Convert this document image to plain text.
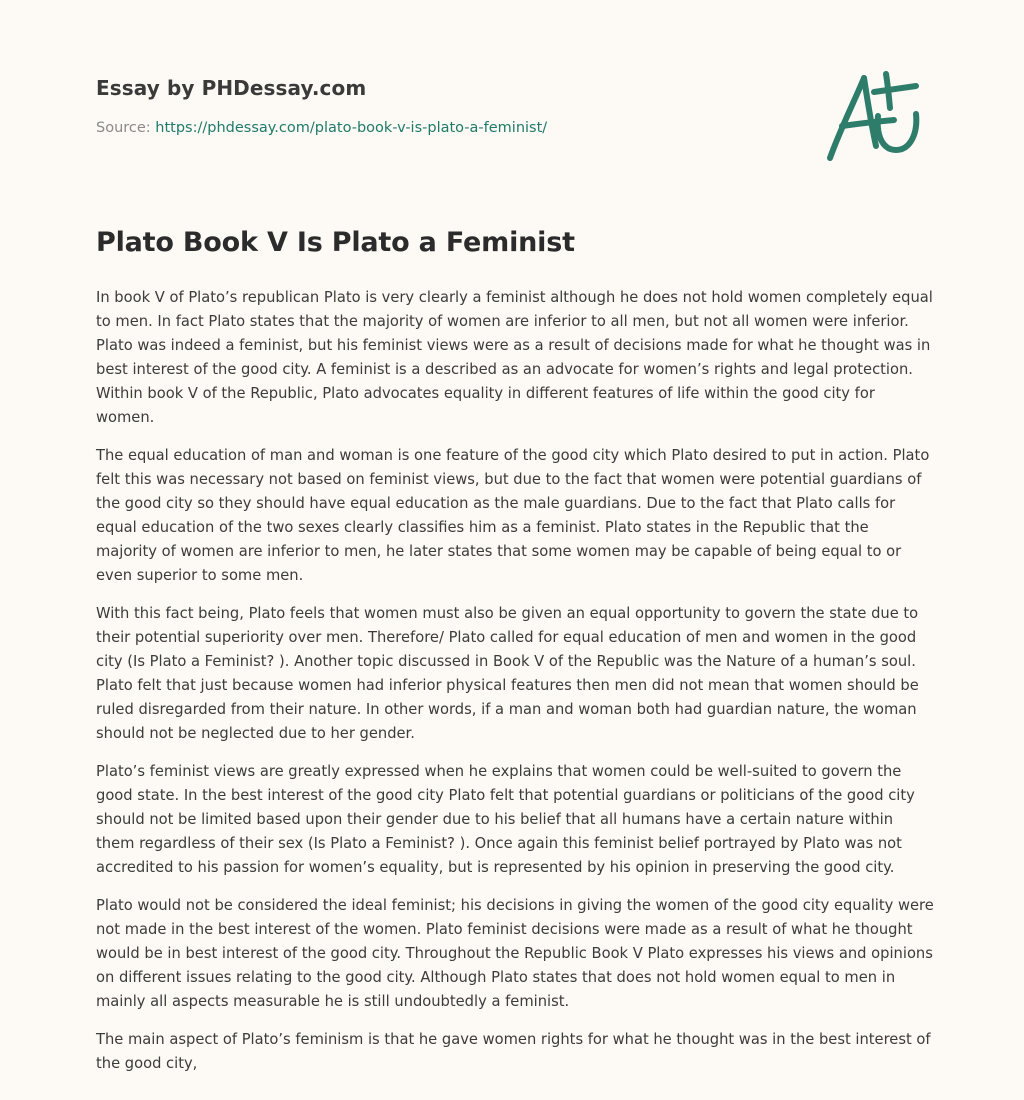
Essay by PHDessay.com
Source: https://phdessay.com/plato-book-v-is-plato-a-feminist/
Plato Book V Is Plato a Feminist

In book V of Plato’s republican Plato is very clearly a feminist although he does not hold women completely equal to men. In fact Plato states that the majority of women are inferior to all men, but not all women were inferior. Plato was indeed a feminist, but his feminist views were as a result of decisions made for what he thought was in best interest of the good city. A feminist is a described as an advocate for women’s rights and legal protection. Within book V of the Republic, Plato advocates equality in different features of life within the good city for women.

The equal education of man and woman is one feature of the good city which Plato desired to put in action. Plato felt this was necessary not based on feminist views, but due to the fact that women were potential guardians of the good city so they should have equal education as the male guardians. Due to the fact that Plato calls for equal education of the two sexes clearly classifies him as a feminist. Plato states in the Republic that the majority of women are inferior to men, he later states that some women may be capable of being equal to or even superior to some men.

With this fact being, Plato feels that women must also be given an equal opportunity to govern the state due to their potential superiority over men. Therefore/ Plato called for equal education of men and women in the good city (Is Plato a Feminist? ). Another topic discussed in Book V of the Republic was the Nature of a human’s soul. Plato felt that just because women had inferior physical features then men did not mean that women should be ruled disregarded from their nature. In other words, if a man and woman both had guardian nature, the woman should not be neglected due to her gender.

Plato’s feminist views are greatly expressed when he explains that women could be well-suited to govern the good state. In the best interest of the good city Plato felt that potential guardians or politicians of the good city should not be limited based upon their gender due to his belief that all humans have a certain nature within them regardless of their sex (Is Plato a Feminist? ). Once again this feminist belief portrayed by Plato was not accredited to his passion for women’s equality, but is represented by his opinion in preserving the good city.

Plato would not be considered the ideal feminist; his decisions in giving the women of the good city equality were not made in the best interest of the women. Plato feminist decisions were made as a result of what he thought would be in best interest of the good city. Throughout the Republic Book V Plato expresses his views and opinions on different issues relating to the good city. Although Plato states that does not hold women equal to men in mainly all aspects measurable he is still undoubtedly a feminist.

The main aspect of Plato’s feminism is that he gave women rights for what he thought was in the best interest of the good city,
